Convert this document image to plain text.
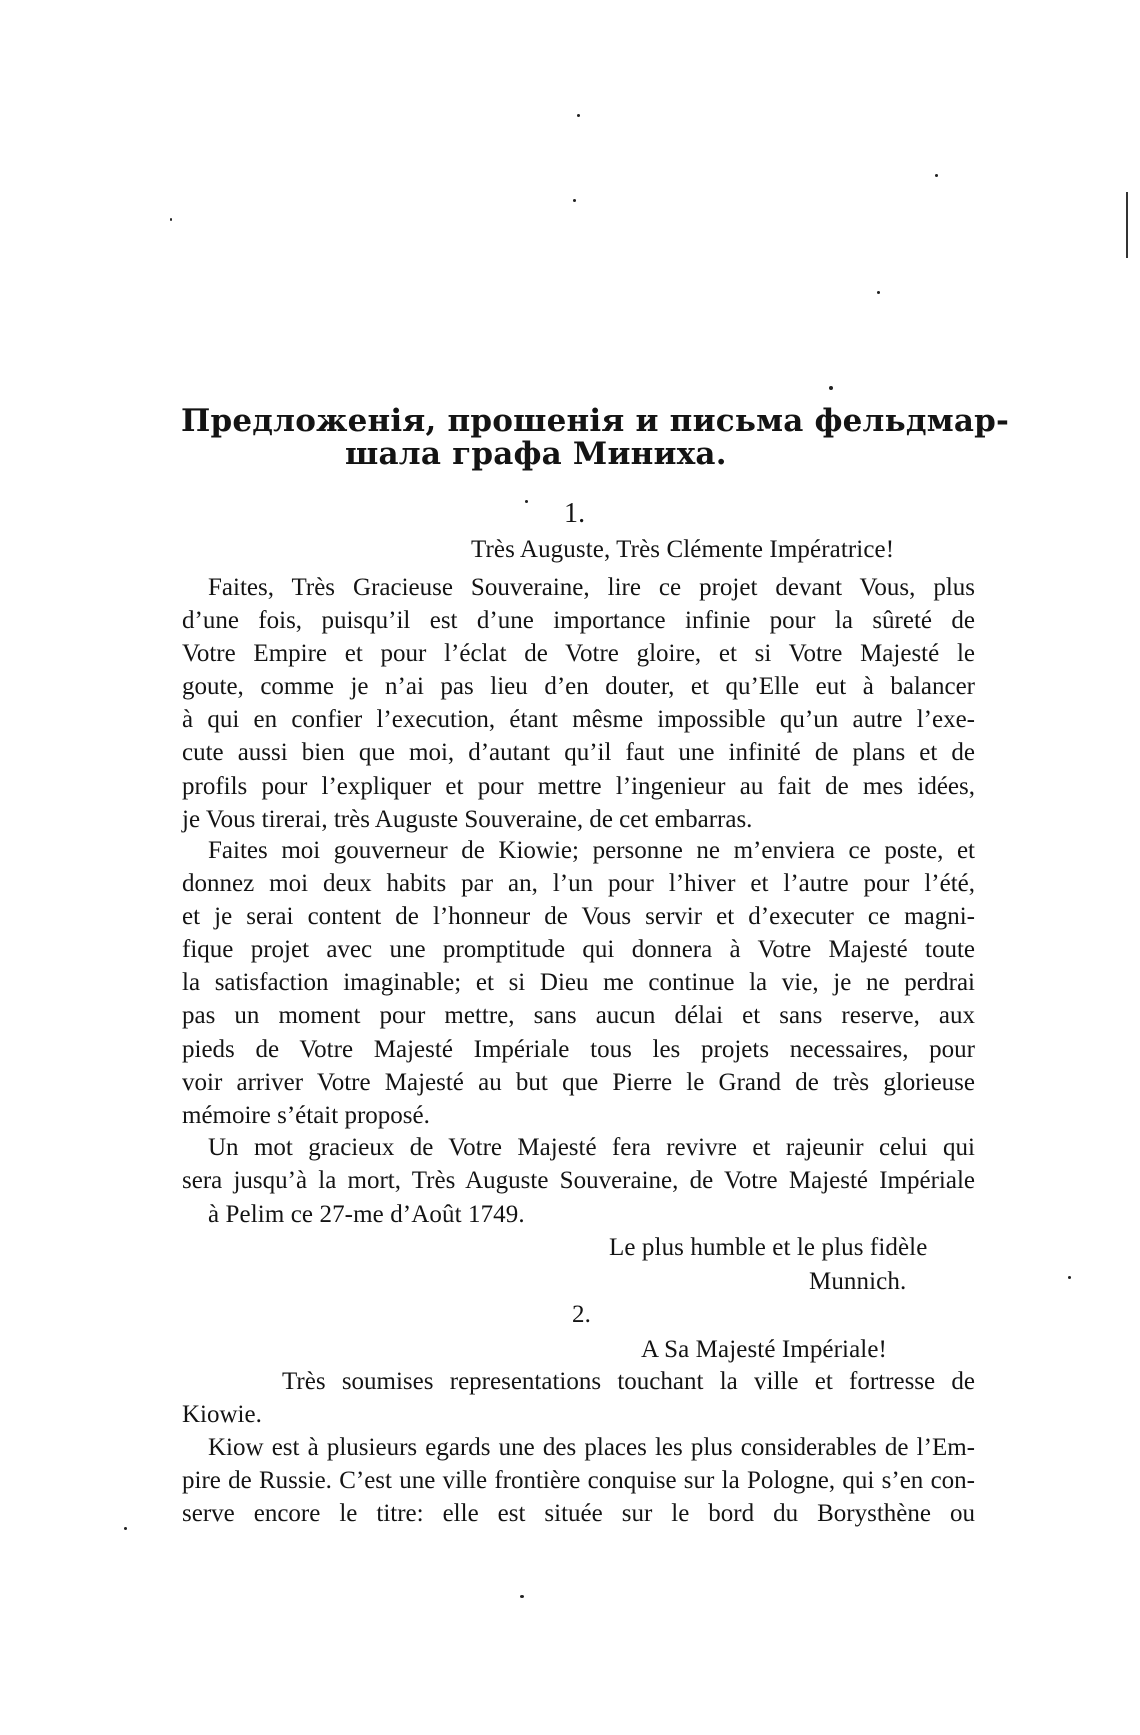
Предложенія, прошенія и письма фельдмар-
шала графа Миниха.
1.
Très Auguste, Très Clémente Impératrice!
Faites, Très Gracieuse Souveraine, lire ce projet devant Vous, plus
d’une fois, puisqu’il est d’une importance infinie pour la sûreté de
Votre Empire et pour l’éclat de Votre gloire, et si Votre Majesté le
goute, comme je n’ai pas lieu d’en douter, et qu’Elle eut à balancer
à qui en confier l’execution, étant mêsme impossible qu’un autre l’exe-
cute aussi bien que moi, d’autant qu’il faut une infinité de plans et de
profils pour l’expliquer et pour mettre l’ingenieur au fait de mes idées,
je Vous tirerai, très Auguste Souveraine, de cet embarras.
Faites moi gouverneur de Kiowie; personne ne m’enviera ce poste, et
donnez moi deux habits par an, l’un pour l’hiver et l’autre pour l’été,
et je serai content de l’honneur de Vous servir et d’executer ce magni-
fique projet avec une promptitude qui donnera à Votre Majesté toute
la satisfaction imaginable; et si Dieu me continue la vie, je ne perdrai
pas un moment pour mettre, sans aucun délai et sans reserve, aux
pieds de Votre Majesté Impériale tous les projets necessaires, pour
voir arriver Votre Majesté au but que Pierre le Grand de très glorieuse
mémoire s’était proposé.
Un mot gracieux de Votre Majesté fera revivre et rajeunir celui qui
sera jusqu’à la mort, Très Auguste Souveraine, de Votre Majesté Impériale
à Pelim ce 27-me d’Août 1749.
Le plus humble et le plus fidèle
Munnich.
2.
A Sa Majesté Impériale!
Très soumises representations touchant la ville et fortresse de
Kiowie.
Kiow est à plusieurs egards une des places les plus considerables de l’Em-
pire de Russie. C’est une ville frontière conquise sur la Pologne, qui s’en con-
serve encore le titre: elle est située sur le bord du Borysthène ou
